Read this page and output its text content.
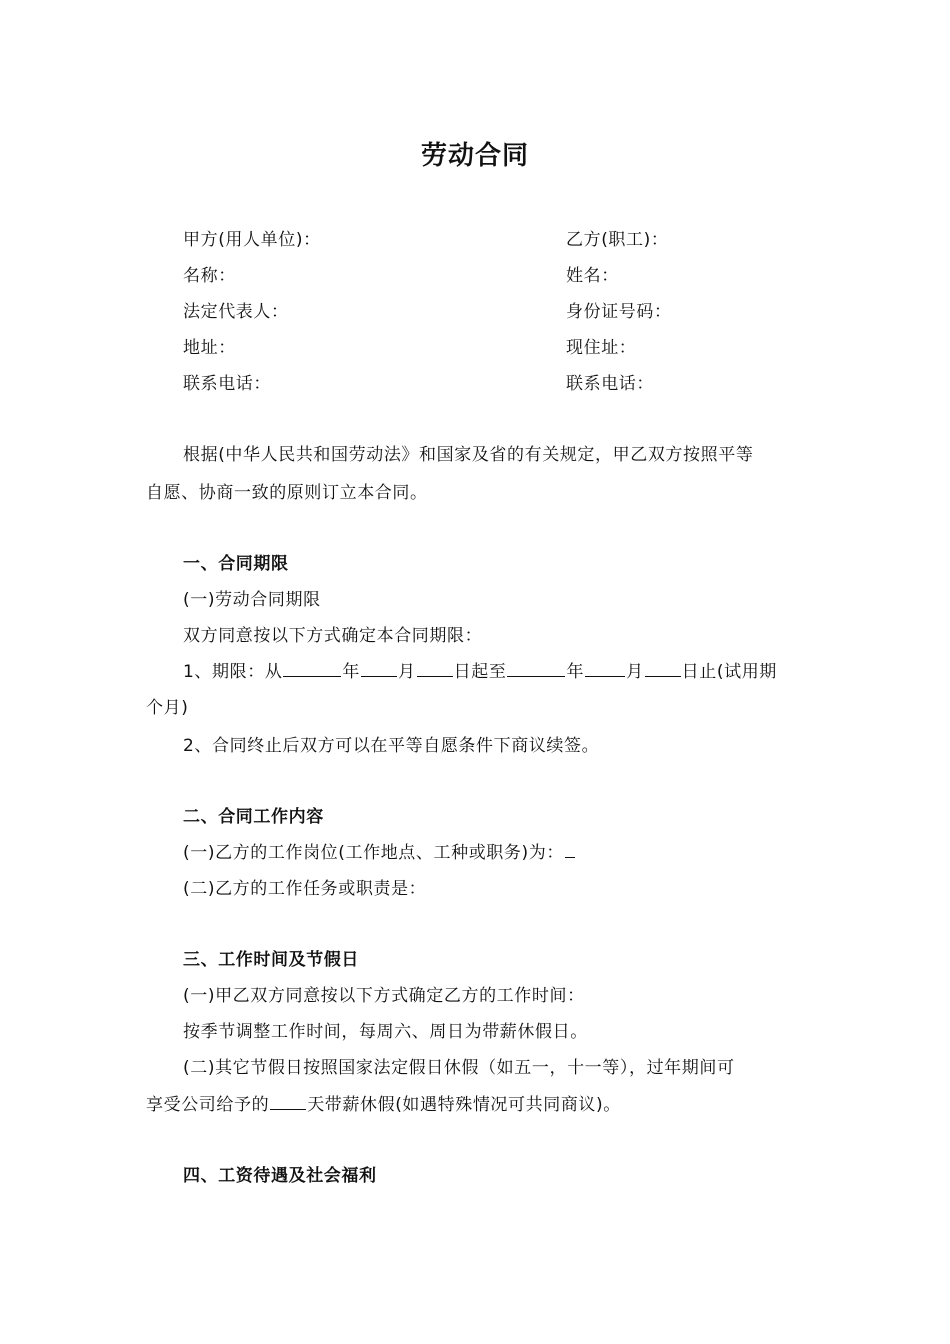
劳动合同
甲方(用人单位)：	乙方(职工)：
名称：	姓名：
法定代表人：	身份证号码：
地址：	现住址：
联系电话：	联系电话：
根据(中华人民共和国劳动法》和国家及省的有关规定，甲乙双方按照平等
自愿、协商一致的原则订立本合同。
一、合同期限
(一)劳动合同期限
双方同意按以下方式确定本合同期限：
1、期限：从	年 月 日起至	年 月 日止(试用期
个月)
2、合同终止后双方可以在平等自愿条件下商议续签。
二、合同工作内容
(一)乙方的工作岗位(工作地点、工种或职务)为：
(二)乙方的工作任务或职责是：
三、工作时间及节假日
(一)甲乙双方同意按以下方式确定乙方的工作时间：
按季节调整工作时间，每周六、周日为带薪休假日。
(二)其它节假日按照国家法定假日休假（如五一，十一等），过年期间可
享受公司给予的 天带薪休假(如遇特殊情况可共同商议)。
四、工资待遇及社会福利
